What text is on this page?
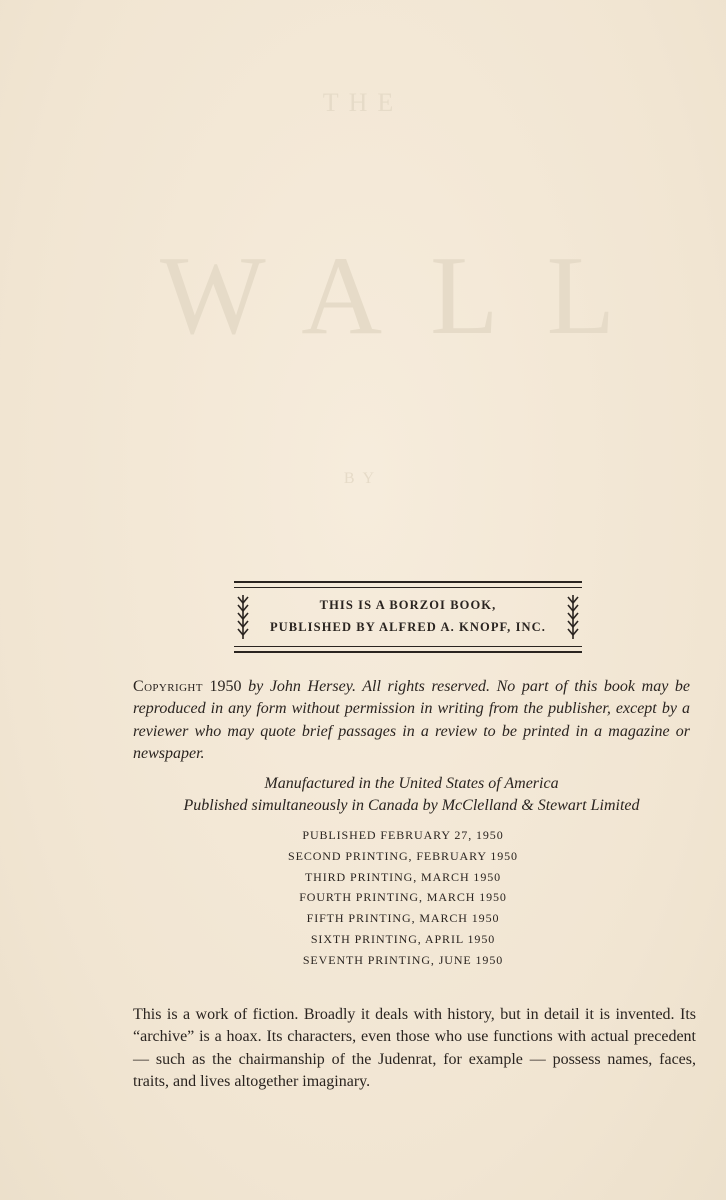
THE
WALL
BY
THIS IS A BORZOI BOOK,
PUBLISHED BY ALFRED A. KNOPF, INC.
Copyright 1950 by John Hersey. All rights reserved. No part of this book may be reproduced in any form without permission in writing from the publisher, except by a reviewer who may quote brief passages in a review to be printed in a magazine or newspaper.
Manufactured in the United States of America
Published simultaneously in Canada by McClelland & Stewart Limited
PUBLISHED FEBRUARY 27, 1950
SECOND PRINTING, FEBRUARY 1950
THIRD PRINTING, MARCH 1950
FOURTH PRINTING, MARCH 1950
FIFTH PRINTING, MARCH 1950
SIXTH PRINTING, APRIL 1950
SEVENTH PRINTING, JUNE 1950
This is a work of fiction. Broadly it deals with history, but in detail it is invented. Its “archive” is a hoax. Its characters, even those who use functions with actual precedent — such as the chairmanship of the Judenrat, for example — possess names, faces, traits, and lives altogether imaginary.
